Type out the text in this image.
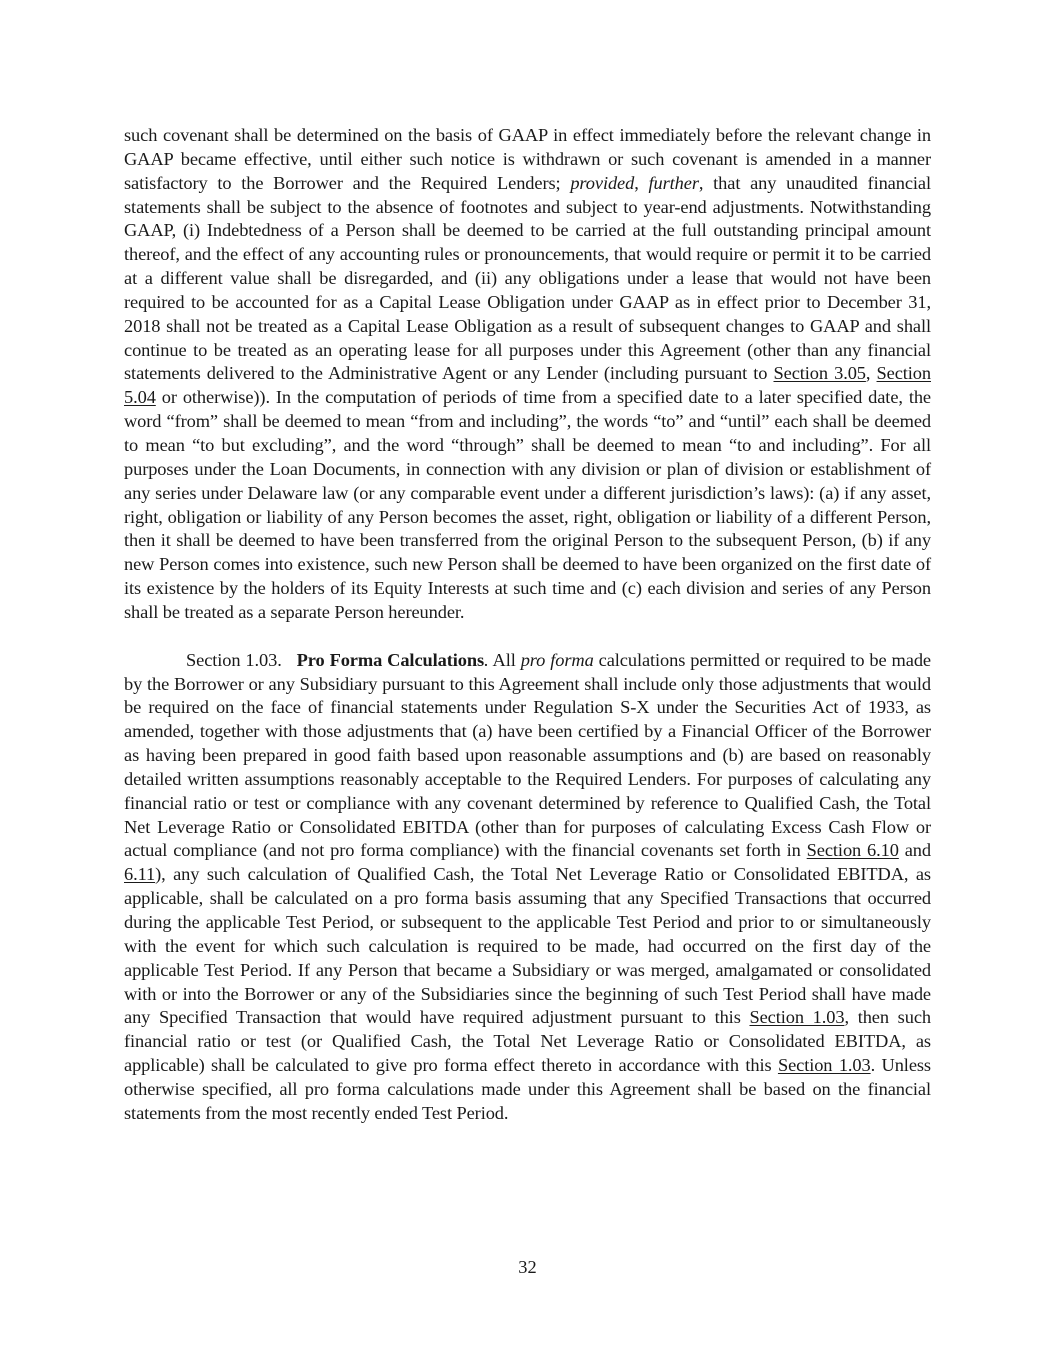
such covenant shall be determined on the basis of GAAP in effect immediately before the relevant change in GAAP became effective, until either such notice is withdrawn or such covenant is amended in a manner satisfactory to the Borrower and the Required Lenders; provided, further, that any unaudited financial statements shall be subject to the absence of footnotes and subject to year-end adjustments. Notwithstanding GAAP, (i) Indebtedness of a Person shall be deemed to be carried at the full outstanding principal amount thereof, and the effect of any accounting rules or pronouncements, that would require or permit it to be carried at a different value shall be disregarded, and (ii) any obligations under a lease that would not have been required to be accounted for as a Capital Lease Obligation under GAAP as in effect prior to December 31, 2018 shall not be treated as a Capital Lease Obligation as a result of subsequent changes to GAAP and shall continue to be treated as an operating lease for all purposes under this Agreement (other than any financial statements delivered to the Administrative Agent or any Lender (including pursuant to Section 3.05, Section 5.04 or otherwise)). In the computation of periods of time from a specified date to a later specified date, the word “from” shall be deemed to mean “from and including”, the words “to” and “until” each shall be deemed to mean “to but excluding”, and the word “through” shall be deemed to mean “to and including”. For all purposes under the Loan Documents, in connection with any division or plan of division or establishment of any series under Delaware law (or any comparable event under a different jurisdiction’s laws): (a) if any asset, right, obligation or liability of any Person becomes the asset, right, obligation or liability of a different Person, then it shall be deemed to have been transferred from the original Person to the subsequent Person, (b) if any new Person comes into existence, such new Person shall be deemed to have been organized on the first date of its existence by the holders of its Equity Interests at such time and (c) each division and series of any Person shall be treated as a separate Person hereunder.

Section 1.03. Pro Forma Calculations. All pro forma calculations permitted or required to be made by the Borrower or any Subsidiary pursuant to this Agreement shall include only those adjustments that would be required on the face of financial statements under Regulation S-X under the Securities Act of 1933, as amended, together with those adjustments that (a) have been certified by a Financial Officer of the Borrower as having been prepared in good faith based upon reasonable assumptions and (b) are based on reasonably detailed written assumptions reasonably acceptable to the Required Lenders. For purposes of calculating any financial ratio or test or compliance with any covenant determined by reference to Qualified Cash, the Total Net Leverage Ratio or Consolidated EBITDA (other than for purposes of calculating Excess Cash Flow or actual compliance (and not pro forma compliance) with the financial covenants set forth in Section 6.10 and 6.11), any such calculation of Qualified Cash, the Total Net Leverage Ratio or Consolidated EBITDA, as applicable, shall be calculated on a pro forma basis assuming that any Specified Transactions that occurred during the applicable Test Period, or subsequent to the applicable Test Period and prior to or simultaneously with the event for which such calculation is required to be made, had occurred on the first day of the applicable Test Period. If any Person that became a Subsidiary or was merged, amalgamated or consolidated with or into the Borrower or any of the Subsidiaries since the beginning of such Test Period shall have made any Specified Transaction that would have required adjustment pursuant to this Section 1.03, then such financial ratio or test (or Qualified Cash, the Total Net Leverage Ratio or Consolidated EBITDA, as applicable) shall be calculated to give pro forma effect thereto in accordance with this Section 1.03. Unless otherwise specified, all pro forma calculations made under this Agreement shall be based on the financial statements from the most recently ended Test Period.

32
